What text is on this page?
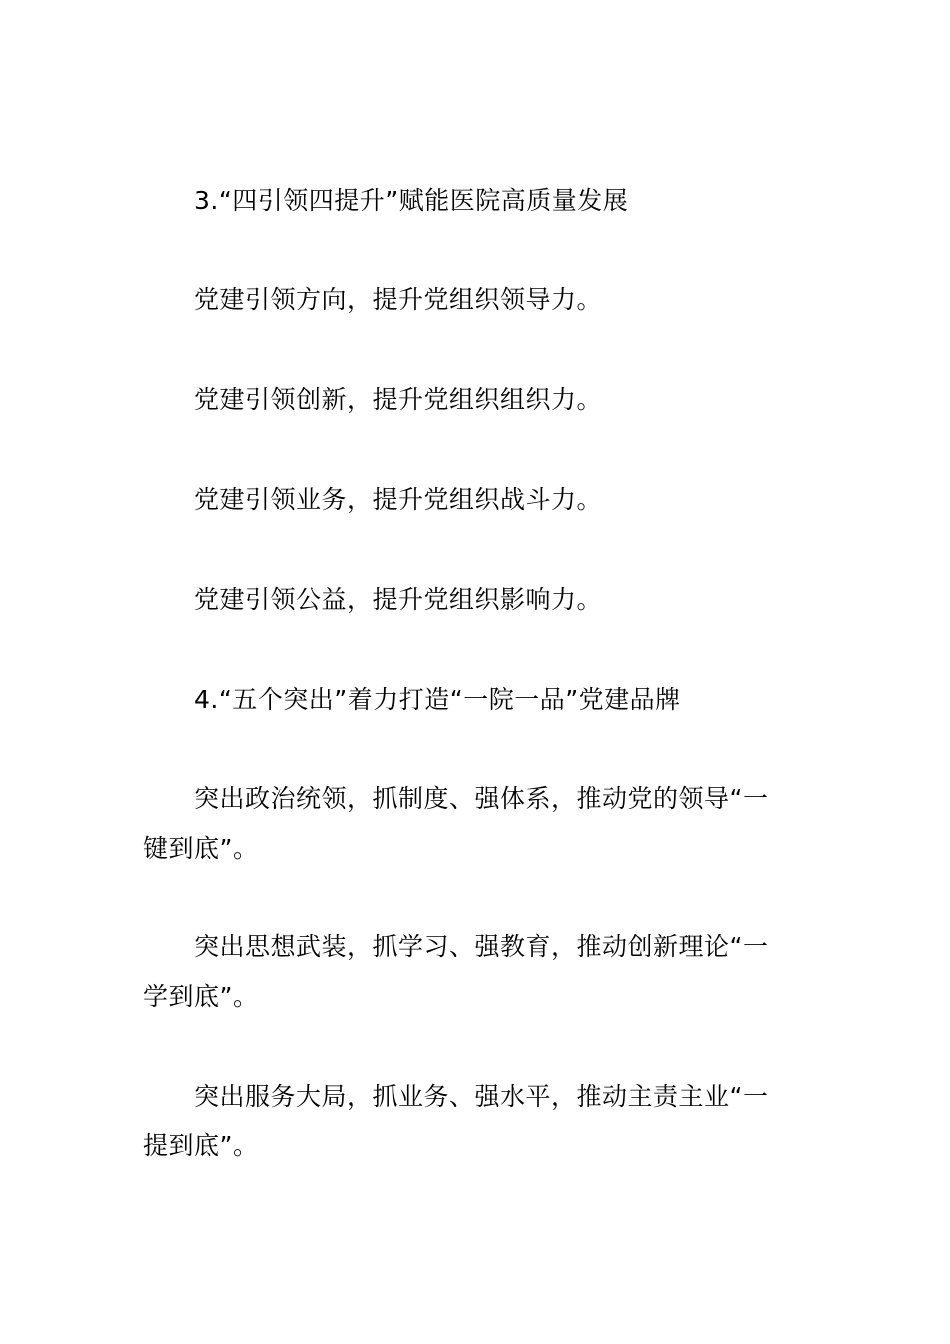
3.“四引领四提升”赋能医院高质量发展
党建引领方向，提升党组织领导力。
党建引领创新，提升党组织组织力。
党建引领业务，提升党组织战斗力。
党建引领公益，提升党组织影响力。
4.“五个突出”着力打造“一院一品”党建品牌
突出政治统领，抓制度、强体系，推动党的领导“一
键到底”。
突出思想武装，抓学习、强教育，推动创新理论“一
学到底”。
突出服务大局，抓业务、强水平，推动主责主业“一
提到底”。
